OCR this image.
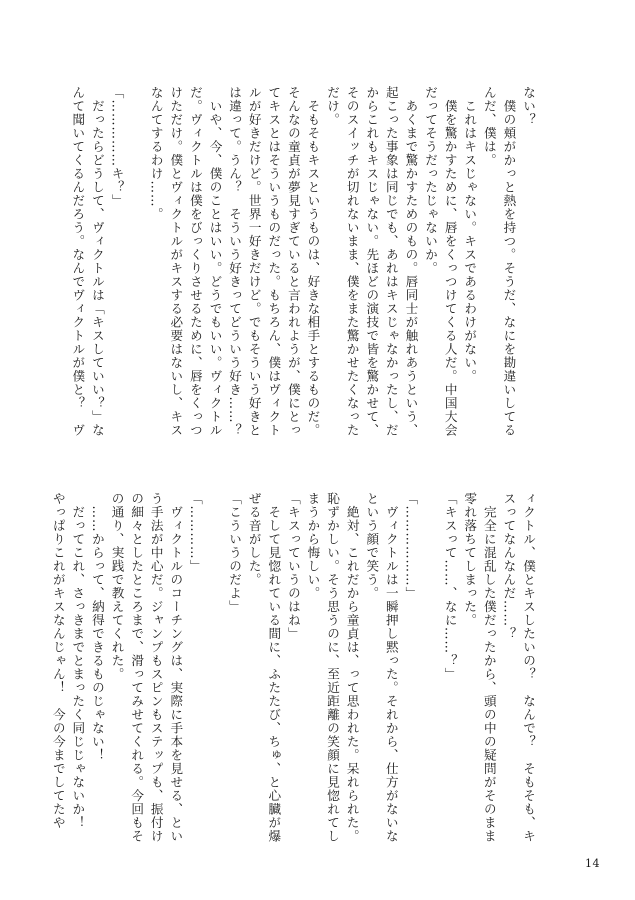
ない？
　僕の頬がかっと熱を持つ。そうだ、なにを勘違いしてる
んだ、僕は。
　これはキスじゃない。キスであるわけがない。
　僕を驚かすために、唇をくっつけてくる人だ。中国大会
だってそうだったじゃないか。
　あくまで驚かすためのもの。唇同士が触れあうという、
起こった事象は同じでも、あれはキスじゃなかったし、だ
からこれもキスじゃない。先ほどの演技で皆を驚かせて、
そのスイッチが切れないまま、僕をまた驚かせたくなった
だけ。
　そもそもキスというものは、好きな相手とするものだ。
そんなの童貞が夢見すぎていると言われようが、僕にとっ
てキスとはそういうものだった。もちろん、僕はヴィクト
ルが好きだけど。世界一好きだけど。でもそういう好きと
は違って。うん？　そういう好きってどういう好き……？
　いや、今、僕のことはいい。どうでもいい。ヴィクトル
だ。ヴィクトルは僕をびっくりさせるために、唇をくっつ
けただけ。僕とヴィクトルがキスする必要はないし、キス
なんてするわけ……。

「……………キ？」
　だったらどうして、ヴィクトルは「キスしていい？」な
んて聞いてくるんだろう。なんでヴィクトルが僕と？　ヴ
ィクトル、僕とキスしたいの？　なんで？　そもそも、キ
スってなんなんだ……？
　完全に混乱した僕だったから、頭の中の疑問がそのまま
零れ落ちてしまった。
「キスって……、なに……？」

「………………」
　ヴィクトルは一瞬押し黙った。それから、仕方がないな
という顔で笑う。
　絶対、これだから童貞は、って思われた。呆れられた。
恥ずかしい。そう思うのに、至近距離の笑顔に見惚れてし
まうから悔しい。
「キスっていうのはね」
　そして見惚れている間に、ふたたび、ちゅ、と心臓が爆
ぜる音がした。
「こういうのだよ」

「…………」
　ヴィクトルのコーチングは、実際に手本を見せる、とい
う手法が中心だ。ジャンプもスピンもステップも、振付け
の細々としたところまで、滑ってみせてくれる。今回もそ
の通り、実践で教えてくれた。
　……からって、納得できるものじゃない！
　だってこれ、さっきまでとまったく同じじゃないか！
やっぱりこれがキスなんじゃん！　今の今までしてたや
14
